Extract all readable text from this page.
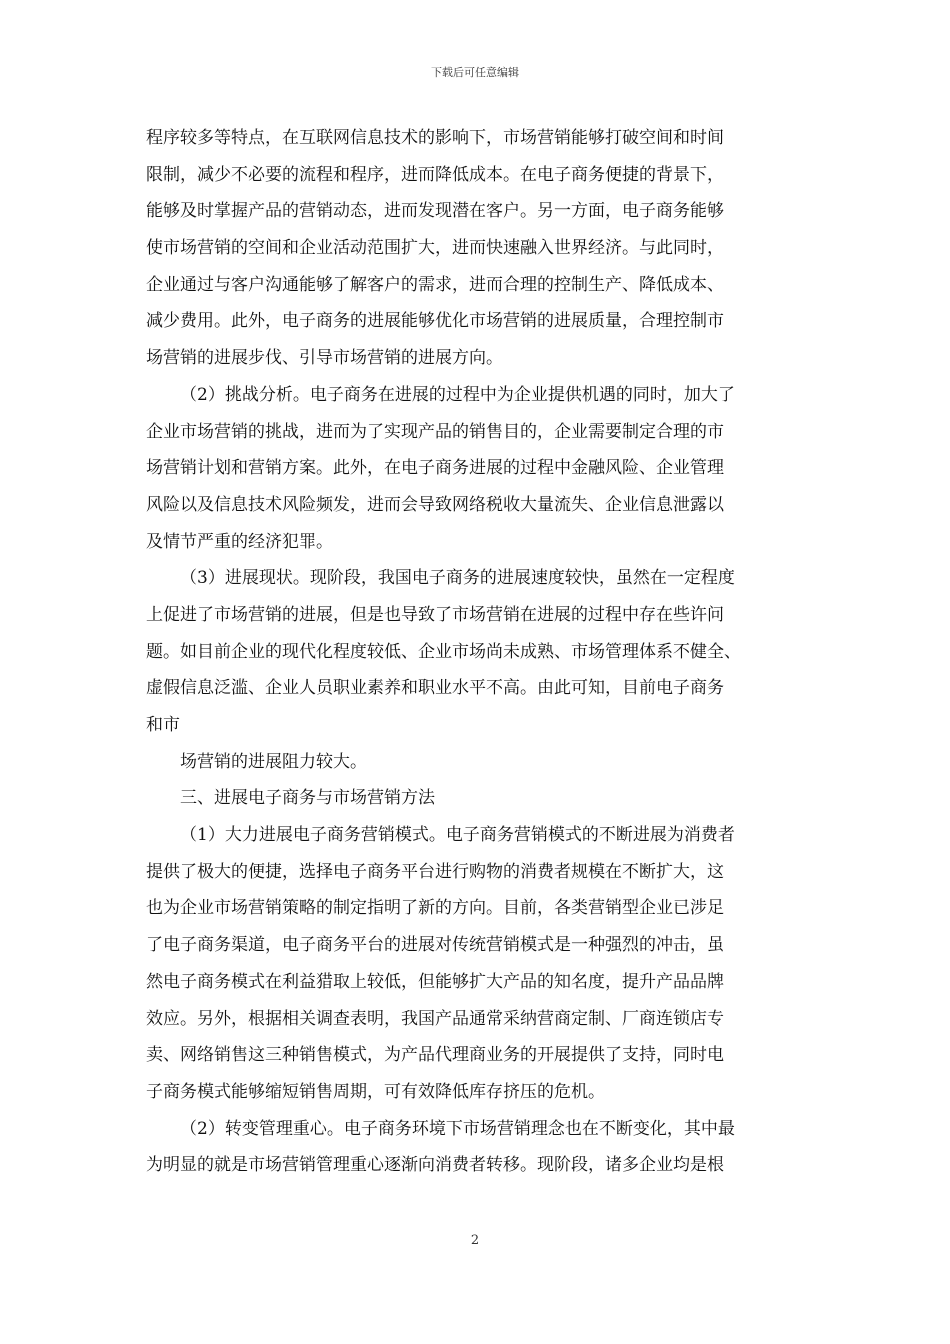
下载后可任意编辑
程序较多等特点，在互联网信息技术的影响下，市场营销能够打破空间和时间
限制，减少不必要的流程和程序，进而降低成本。在电子商务便捷的背景下，
能够及时掌握产品的营销动态，进而发现潜在客户。另一方面，电子商务能够
使市场营销的空间和企业活动范围扩大，进而快速融入世界经济。与此同时，
企业通过与客户沟通能够了解客户的需求，进而合理的控制生产、降低成本、
减少费用。此外，电子商务的进展能够优化市场营销的进展质量，合理控制市
场营销的进展步伐、引导市场营销的进展方向。
（2）挑战分析。电子商务在进展的过程中为企业提供机遇的同时，加大了
企业市场营销的挑战，进而为了实现产品的销售目的，企业需要制定合理的市
场营销计划和营销方案。此外，在电子商务进展的过程中金融风险、企业管理
风险以及信息技术风险频发，进而会导致网络税收大量流失、企业信息泄露以
及情节严重的经济犯罪。
（3）进展现状。现阶段，我国电子商务的进展速度较快，虽然在一定程度
上促进了市场营销的进展，但是也导致了市场营销在进展的过程中存在些许问
题。如目前企业的现代化程度较低、企业市场尚未成熟、市场管理体系不健全、
虚假信息泛滥、企业人员职业素养和职业水平不高。由此可知，目前电子商务
和市
场营销的进展阻力较大。
三、进展电子商务与市场营销方法
（1）大力进展电子商务营销模式。电子商务营销模式的不断进展为消费者
提供了极大的便捷，选择电子商务平台进行购物的消费者规模在不断扩大，这
也为企业市场营销策略的制定指明了新的方向。目前，各类营销型企业已涉足
了电子商务渠道，电子商务平台的进展对传统营销模式是一种强烈的冲击，虽
然电子商务模式在利益猎取上较低，但能够扩大产品的知名度，提升产品品牌
效应。另外，根据相关调查表明，我国产品通常采纳营商定制、厂商连锁店专
卖、网络销售这三种销售模式，为产品代理商业务的开展提供了支持，同时电
子商务模式能够缩短销售周期，可有效降低库存挤压的危机。
（2）转变管理重心。电子商务环境下市场营销理念也在不断变化，其中最
为明显的就是市场营销管理重心逐渐向消费者转移。现阶段，诸多企业均是根
2
